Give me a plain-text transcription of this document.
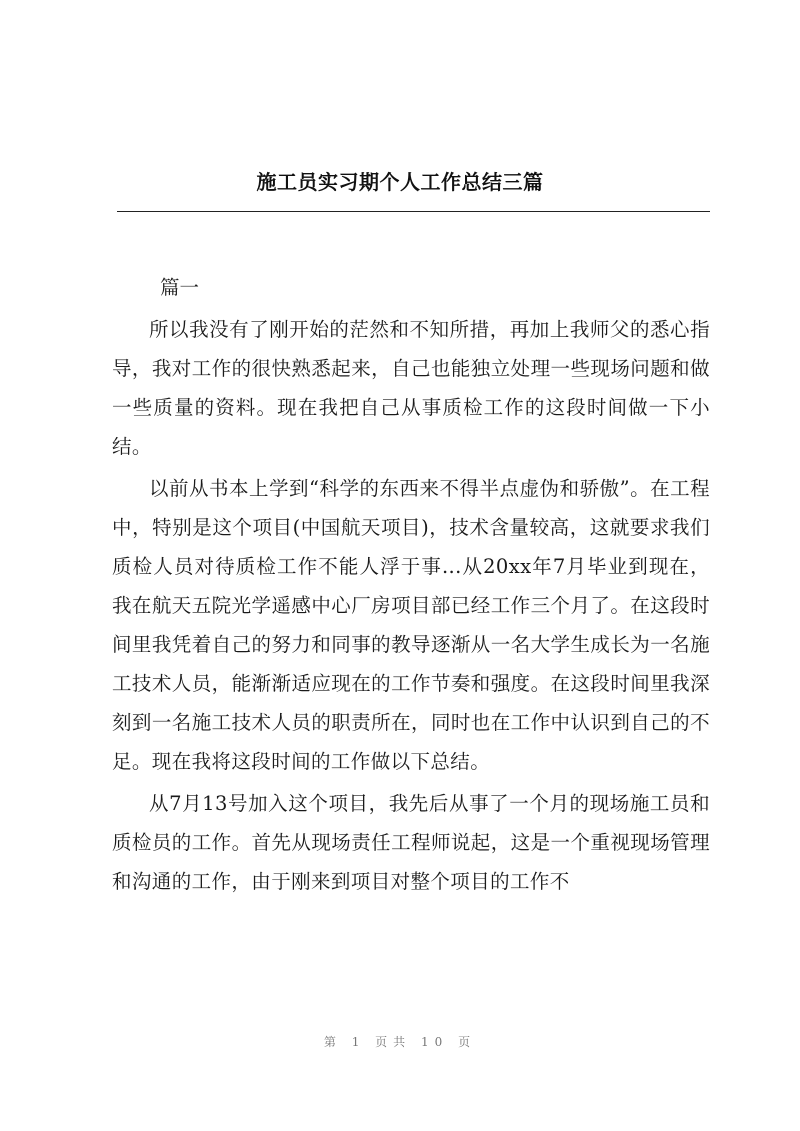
施工员实习期个人工作总结三篇
篇一

所以我没有了刚开始的茫然和不知所措，再加上我师父的悉心指导，我对工作的很快熟悉起来，自己也能独立处理一些现场问题和做一些质量的资料。现在我把自己从事质检工作的这段时间做一下小结。

以前从书本上学到“科学的东西来不得半点虚伪和骄傲”。在工程中，特别是这个项目(中国航天项目)，技术含量较高，这就要求我们质检人员对待质检工作不能人浮于事...从20xx年7月毕业到现在，我在航天五院光学遥感中心厂房项目部已经工作三个月了。在这段时间里我凭着自己的努力和同事的教导逐渐从一名大学生成长为一名施工技术人员，能渐渐适应现在的工作节奏和强度。在这段时间里我深刻到一名施工技术人员的职责所在，同时也在工作中认识到自己的不足。现在我将这段时间的工作做以下总结。

从7月13号加入这个项目，我先后从事了一个月的现场施工员和质检员的工作。首先从现场责任工程师说起，这是一个重视现场管理和沟通的工作，由于刚来到项目对整个项目的工作不

第 1 页共 10 页
